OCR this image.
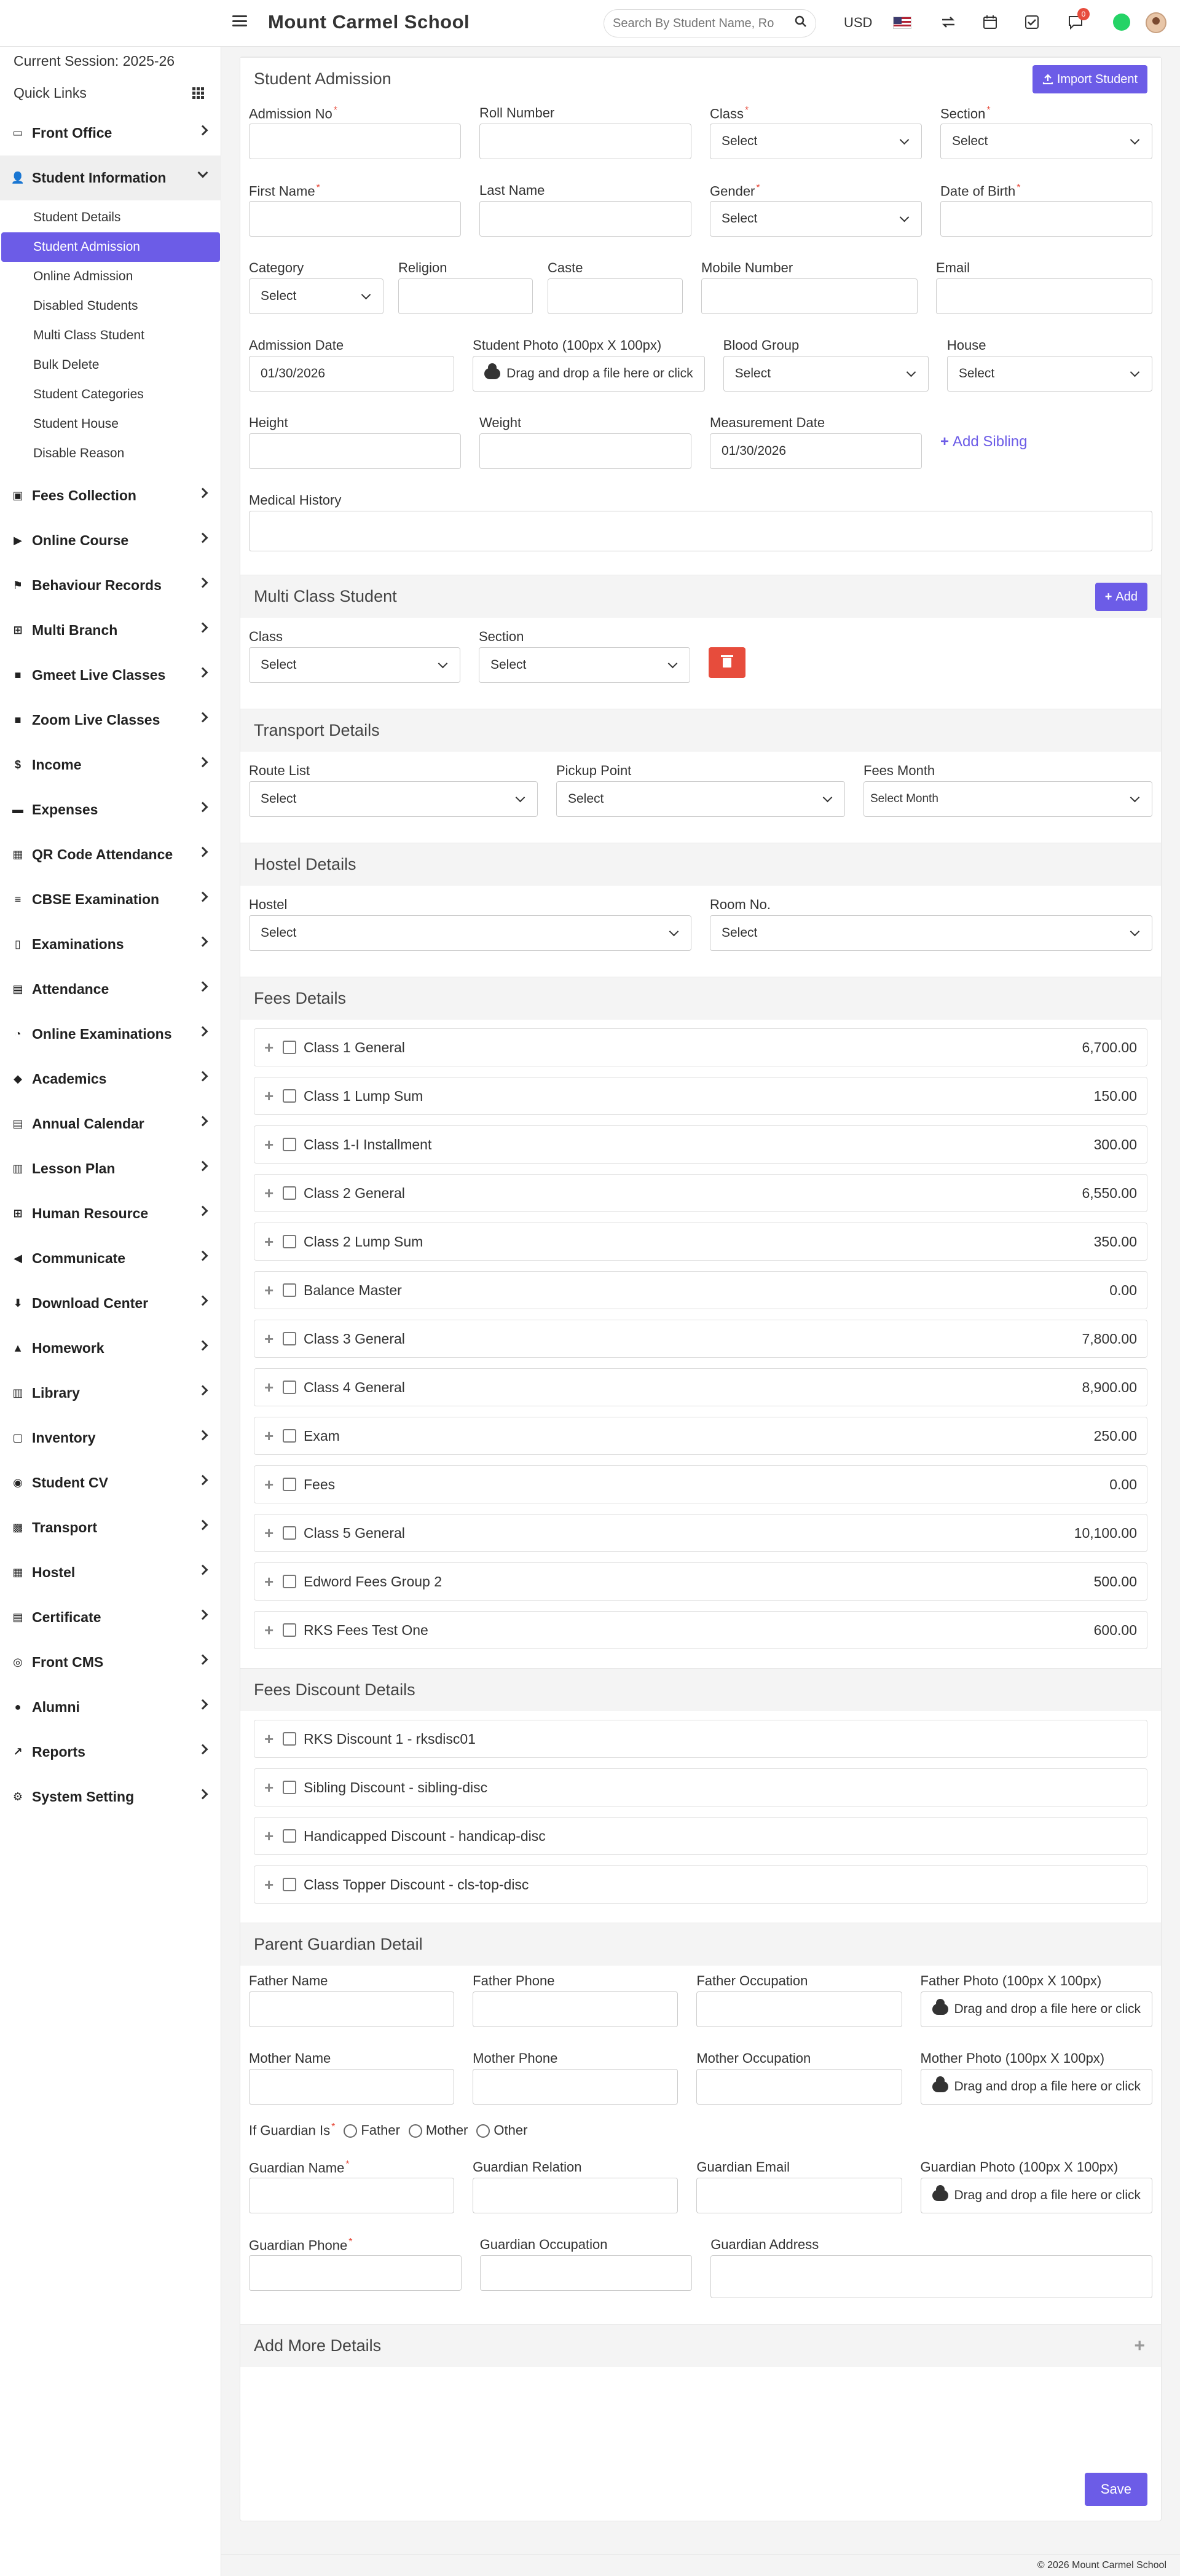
Mount Carmel School
Search By Student Name, Ro	USD
0
Current Session: 2025-26
Quick Links
▭ Front Office
👤 Student Information
Student Details
Student Admission
Online Admission
Disabled Students
Multi Class Student
Bulk Delete
Student Categories
Student House
Disable Reason
▣ Fees Collection
▶ Online Course
⚑ Behaviour Records
⊞ Multi Branch
■ Gmeet Live Classes
■ Zoom Live Classes
$ Income
▬ Expenses
▦ QR Code Attendance
≡ CBSE Examination
▯ Examinations
▤ Attendance
◔ Online Examinations
◆ Academics
▤ Annual Calendar
▥ Lesson Plan
⊞ Human Resource
◀ Communicate
⬇ Download Center
▲ Homework
▥ Library
▢ Inventory
◉ Student CV
▩ Transport
▦ Hostel
▤ Certificate
◎ Front CMS
● Alumni
↗ Reports
⚙ System Setting
Student Admission	Import Student
Admission No *	Roll Number	Class *
Select
Section *
Select
First Name *	Last Name	Gender *
Select
Date of Birth *
Category
Select
Religion	Caste	Mobile Number	Email
Admission Date
01/30/2026
Student Photo (100px X 100px)
Drag and drop a file here or click
Blood Group
Select
House
Select
Height	Weight	Measurement Date
01/30/2026
+ Add Sibling
Medical History
Multi Class Student	+ Add
Class
Select
Section
Select
Transport Details
Route List
Select
Pickup Point
Select
Fees Month
Select Month
Hostel Details
Hostel
Select
Room No.
Select
Fees Details
+ Class 1 General	6,700.00
+ Class 1 Lump Sum	150.00
+ Class 1-I Installment	300.00
+ Class 2 General	6,550.00
+ Class 2 Lump Sum	350.00
+ Balance Master	0.00
+ Class 3 General	7,800.00
+ Class 4 General	8,900.00
+ Exam	250.00
+ Fees	0.00
+ Class 5 General	10,100.00
+ Edword Fees Group 2	500.00
+ RKS Fees Test One	600.00
Fees Discount Details
+ RKS Discount 1 - rksdisc01
+ Sibling Discount - sibling-disc
+ Handicapped Discount - handicap-disc
+ Class Topper Discount - cls-top-disc
Parent Guardian Detail
Father Name	Father Phone	Father Occupation	Father Photo (100px X 100px)
Drag and drop a file here or click
Mother Name	Mother Phone	Mother Occupation	Mother Photo (100px X 100px)
Drag and drop a file here or click
If Guardian Is *	Father	Mother	Other
Guardian Name *	Guardian Relation	Guardian Email	Guardian Photo (100px X 100px)
Drag and drop a file here or click
Guardian Phone *	Guardian Occupation	Guardian Address
Add More Details	+
Save
© 2026 Mount Carmel School
